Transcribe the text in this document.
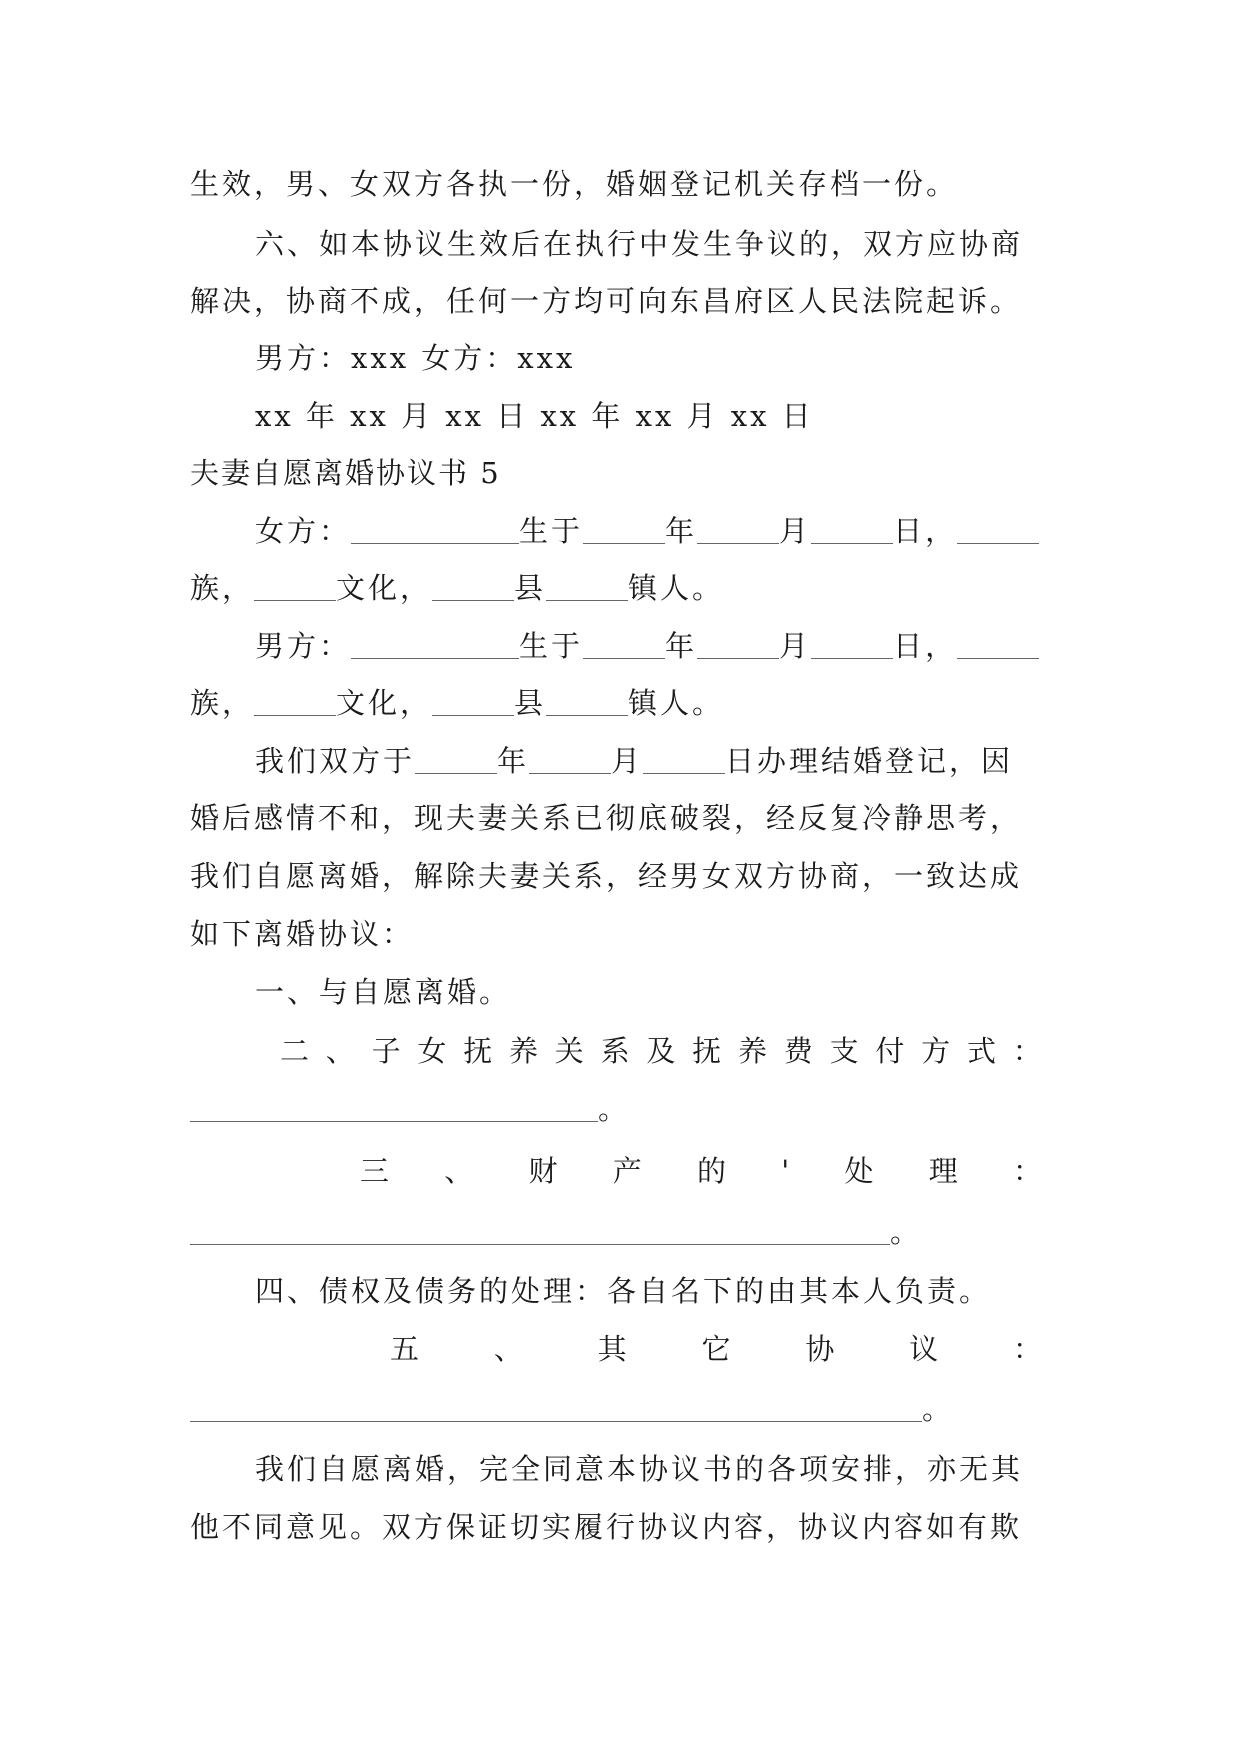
生效，男、女双方各执一份，婚姻登记机关存档一份。
六、如本协议生效后在执行中发生争议的，双方应协商
解决，协商不成，任何一方均可向东昌府区人民法院起诉。
男方：xxx 女方：xxx
xx 年 xx 月 xx 日 xx 年 xx 月 xx 日
夫妻自愿离婚协议书 5
女方：	生于	年	月	日，
族，	文化，	县	镇人。
男方：	生于	年	月	日，
族，	文化，	县	镇人。
我们双方于	年	月	日办理结婚登记，因
婚后感情不和，现夫妻关系已彻底破裂，经反复冷静思考，
我们自愿离婚，解除夫妻关系，经男女双方协商，一致达成
如下离婚协议：
一、与自愿离婚。
二 、 子 女 抚 养 关 系 及 抚 养 费 支 付 方 式 ：
。
三 、 财 产 的 ' 处 理 ：
。
四、债权及债务的处理：各自名下的由其本人负责。
五	、	其	它	协	议	：
。
我们自愿离婚，完全同意本协议书的各项安排，亦无其
他不同意见。双方保证切实履行协议内容，协议内容如有欺
